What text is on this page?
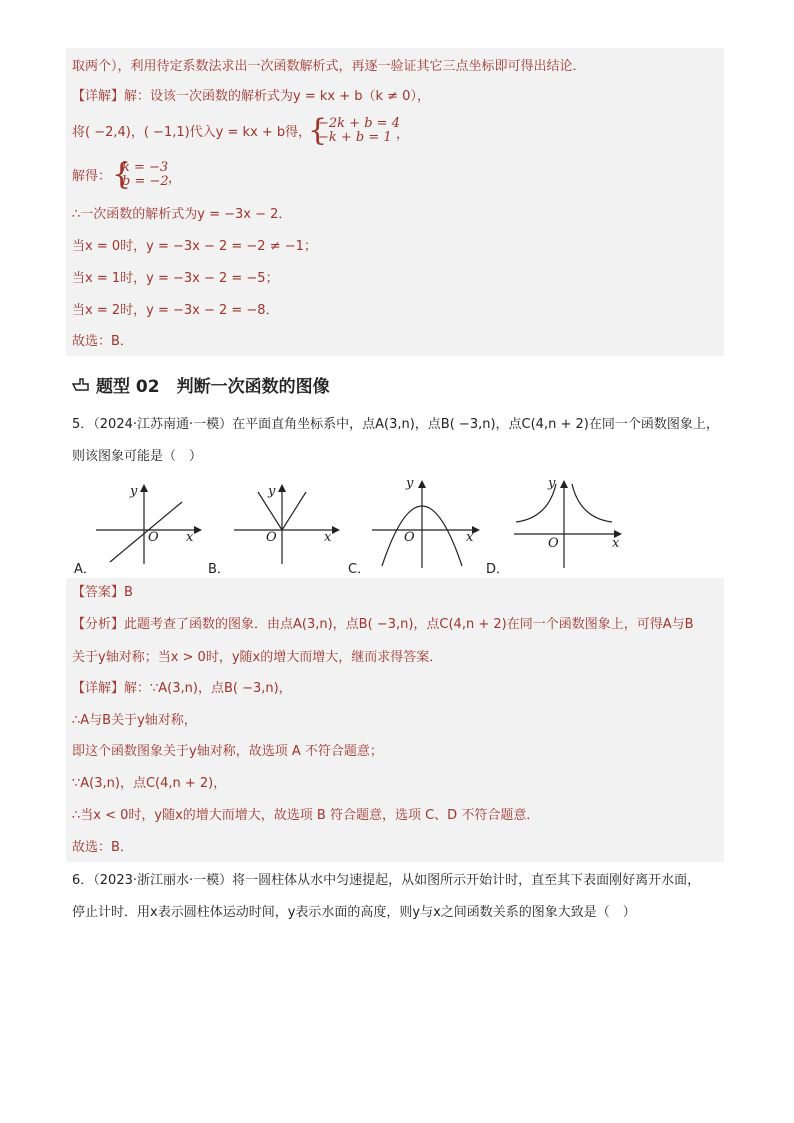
取两个），利用待定系数法求出一次函数解析式，再逐一验证其它三点坐标即可得出结论．
【详解】解：设该一次函数的解析式为y = kx + b（k ≠ 0），
将( −2,4)，( −1,1)代入y = kx + b得，
{
−2k + b = 4
−k + b = 1 ，
解得： {
k = −3
b = −2 ，
∴一次函数的解析式为y = −3x − 2．
当x = 0时，y = −3x − 2 = −2 ≠ −1；
当x = 1时，y = −3x − 2 = −5；
当x = 2时，y = −3x − 2 = −8．
故选：B．
题型 02　判断一次函数的图像
5．（2024·江苏南通·一模）在平面直角坐标系中，点A(3,n)，点B( −3,n)，点C(4,n + 2)在同一个函数图象上，
则该图象可能是（　）
y
x
O
A．
y
x
O
B．
y
x
O
C．
y
x
O
D．
【答案】B
【分析】此题考查了函数的图象．由点A(3,n)，点B( −3,n)，点C(4,n + 2)在同一个函数图象上，可得A与B
关于y轴对称；当x > 0时，y随x的增大而增大，继而求得答案．
【详解】解：∵A(3,n)，点B( −3,n)，
∴A与B关于y轴对称，
即这个函数图象关于y轴对称，故选项 A 不符合题意；
∵A(3,n)，点C(4,n + 2)，
∴当x < 0时，y随x的增大而增大，故选项 B 符合题意，选项 C、D 不符合题意．
故选：B．
6．（2023·浙江丽水·一模）将一圆柱体从水中匀速提起，从如图所示开始计时，直至其下表面刚好离开水面，
停止计时．用x表示圆柱体运动时间，y表示水面的高度，则y与x之间函数关系的图象大致是（　）
